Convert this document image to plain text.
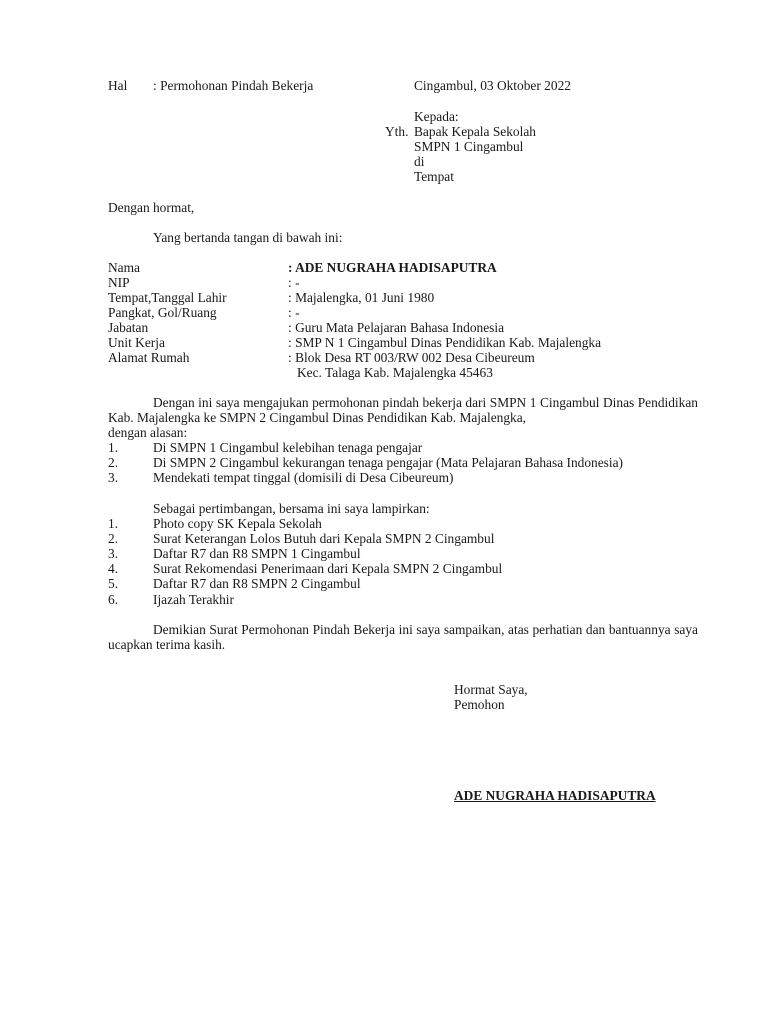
Hal : Permohonan Pindah Bekerja	Cingambul, 03 Oktober 2022
Kepada:
Yth. Bapak Kepala Sekolah
SMPN 1 Cingambul
di
Tempat
Dengan hormat,
Yang bertanda tangan di bawah ini:
Nama	: ADE NUGRAHA HADISAPUTRA
NIP	: -
Tempat,Tanggal Lahir	: Majalengka, 01 Juni 1980
Pangkat, Gol/Ruang	: -
Jabatan	: Guru Mata Pelajaran Bahasa Indonesia
Unit Kerja	: SMP N 1 Cingambul Dinas Pendidikan Kab. Majalengka
Alamat Rumah	: Blok Desa RT 003/RW 002 Desa Cibeureum
Kec. Talaga Kab. Majalengka 45463
Dengan ini saya mengajukan permohonan pindah bekerja dari SMPN 1 Cingambul Dinas Pendidikan Kab. Majalengka ke SMPN 2 Cingambul Dinas Pendidikan Kab. Majalengka,
dengan alasan:
1.	Di SMPN 1 Cingambul kelebihan tenaga pengajar
2.	Di SMPN 2 Cingambul kekurangan tenaga pengajar (Mata Pelajaran Bahasa Indonesia)
3.	Mendekati tempat tinggal (domisili di Desa Cibeureum)
Sebagai pertimbangan, bersama ini saya lampirkan:
1.	Photo copy SK Kepala Sekolah
2.	Surat Keterangan Lolos Butuh dari Kepala SMPN 2 Cingambul
3.	Daftar R7 dan R8 SMPN 1 Cingambul
4.	Surat Rekomendasi Penerimaan dari Kepala SMPN 2 Cingambul
5.	Daftar R7 dan R8 SMPN 2 Cingambul
6.	Ijazah Terakhir
Demikian Surat Permohonan Pindah Bekerja ini saya sampaikan, atas perhatian dan bantuannya saya ucapkan terima kasih.
Hormat Saya,
Pemohon
ADE NUGRAHA HADISAPUTRA
